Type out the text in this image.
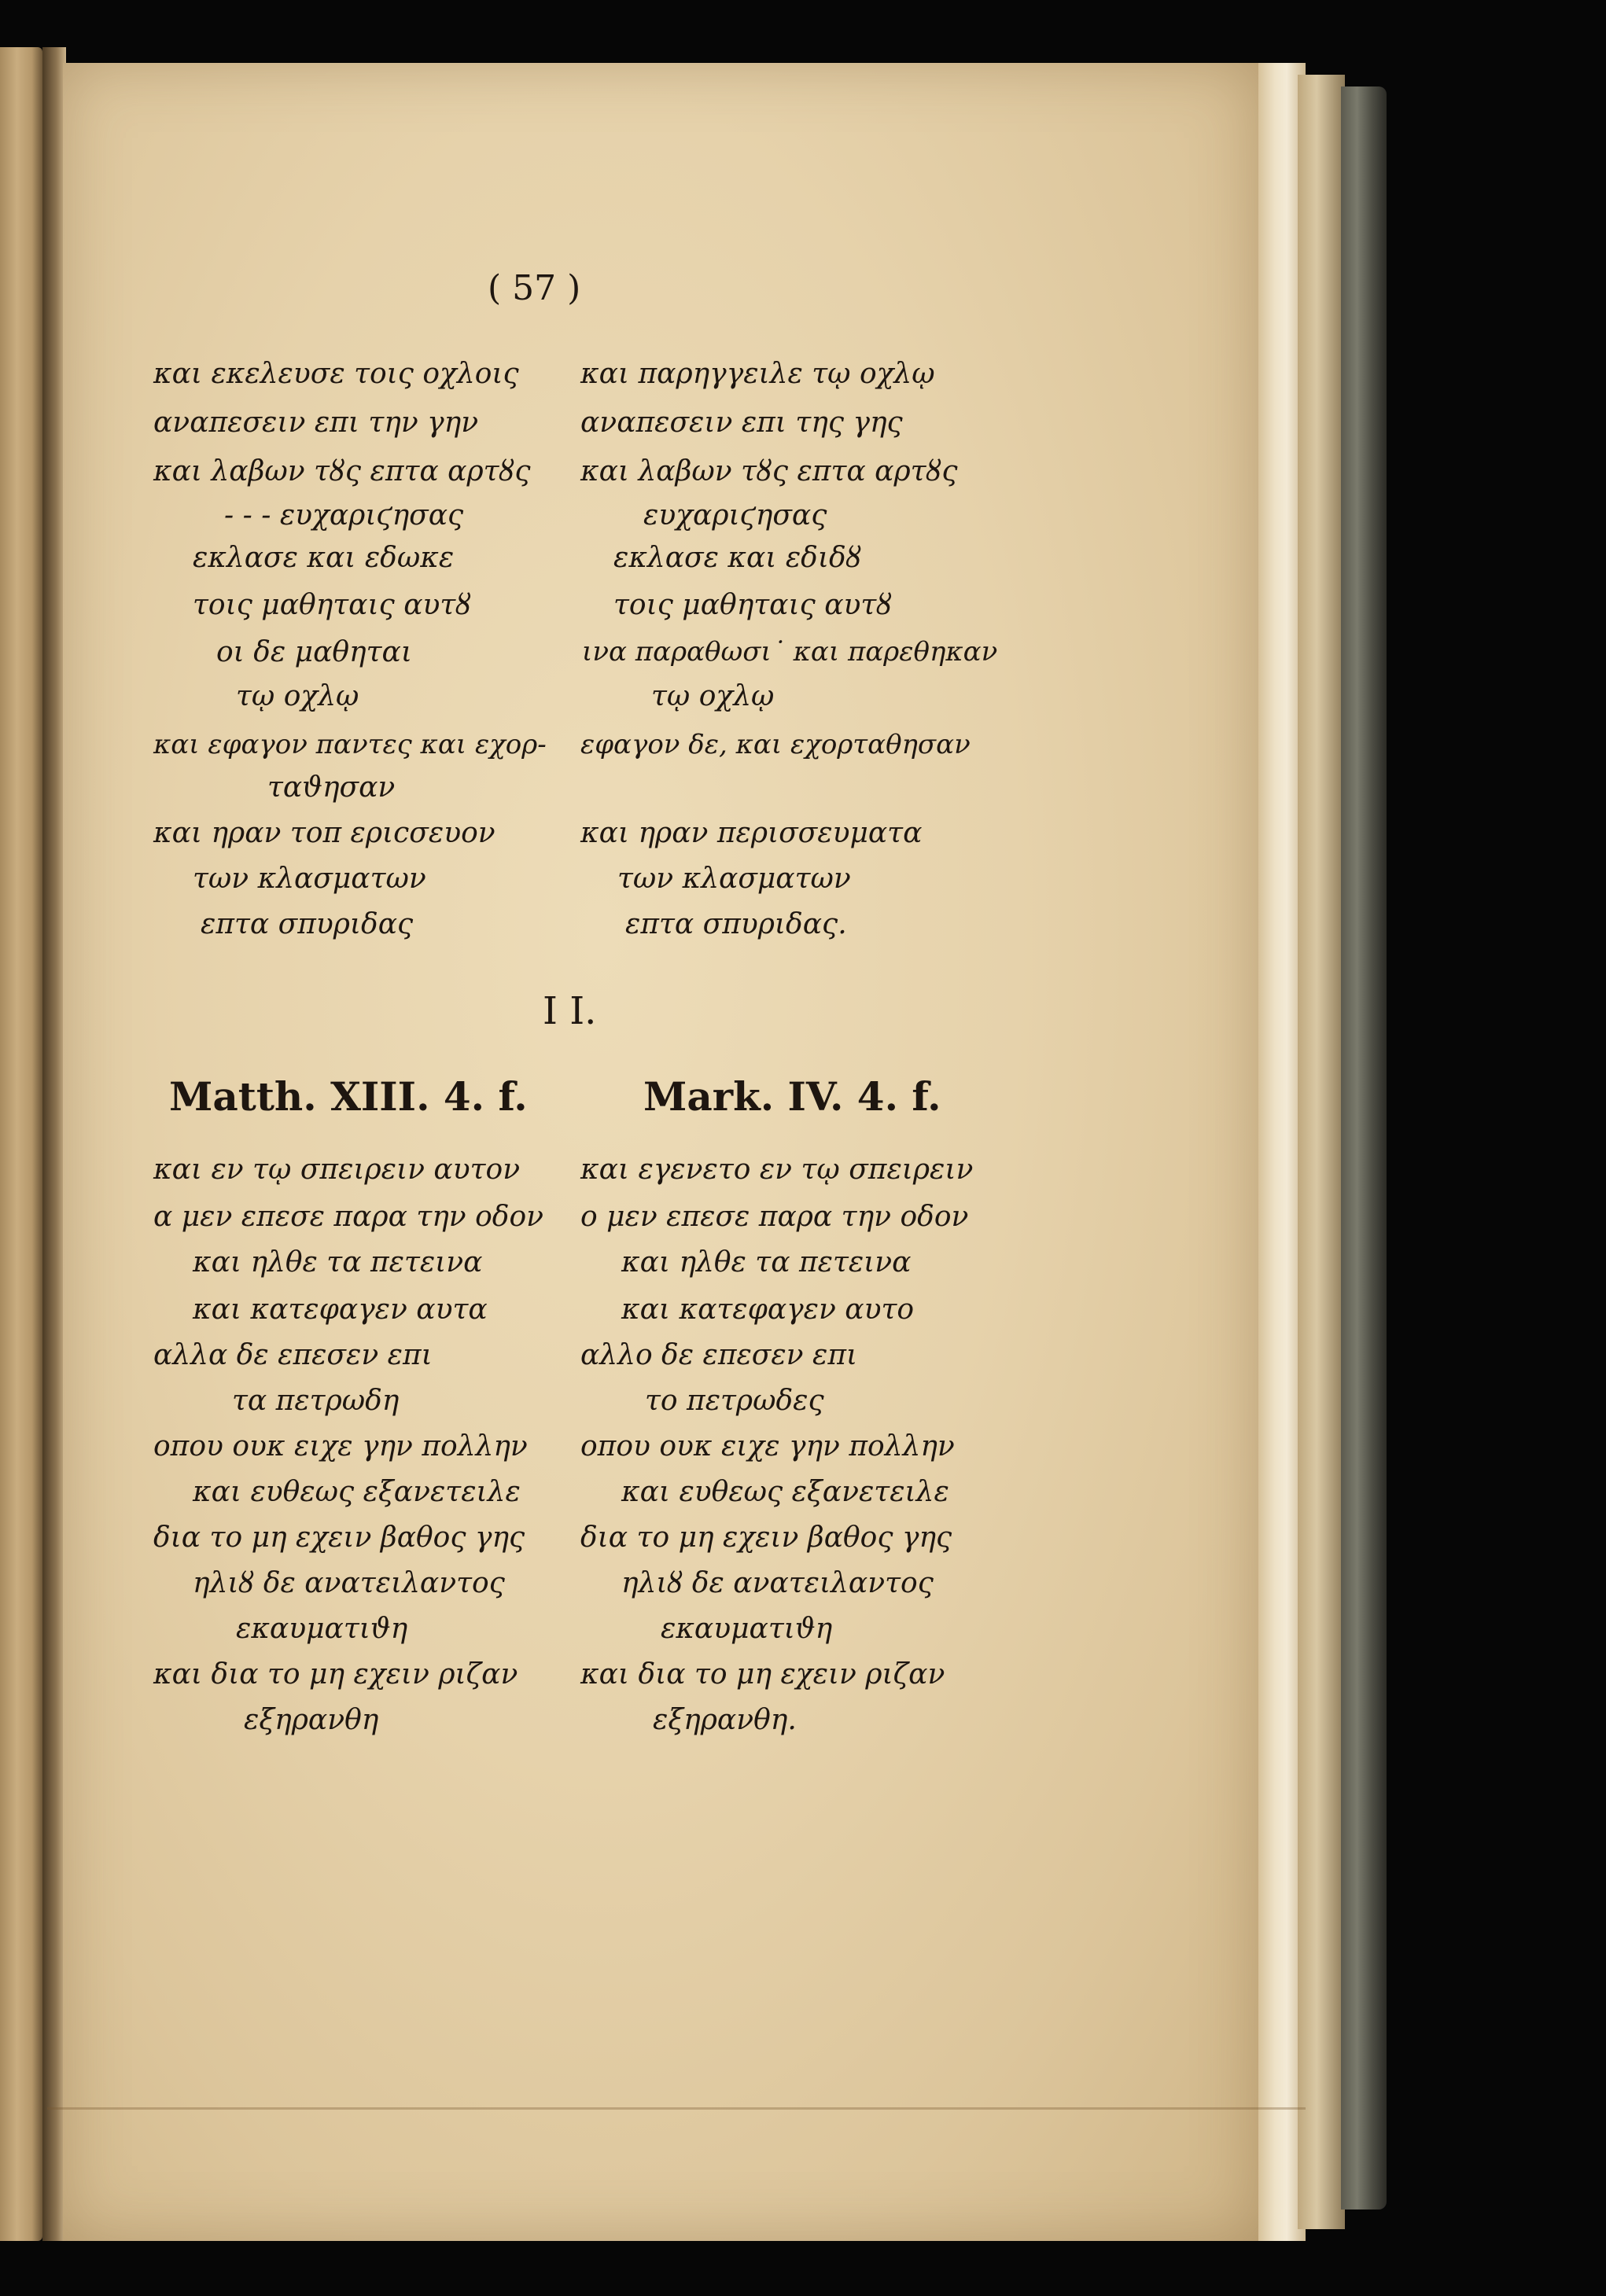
( 57 )
και εκελευσε τοις οχλοις
αναπεσειν επι την γην
και λαβων τȣς επτα αρτȣς
- - - ευχαριϛησας
εκλασε και εδωκε
τοις μαθηταις αυτȣ
οι δε μαθηται
τῳ οχλῳ
και εφαγον παντες και εχορ-
ταϑησαν
και ηραν τοπ εριϲσευον
των κλασματων
επτα σπυριδας
και παρηγγειλε τῳ οχλῳ
αναπεσειν επι της γης
και λαβων τȣς επτα αρτȣς
ευχαριϛησας
εκλασε και εδιδȣ
τοις μαθηταις αυτȣ
ινα παραθωσι˙ και παρεθηκαν
τῳ οχλῳ
εφαγον δε, και εχορταθησαν
και ηραν περισσευματα
των κλασματων
επτα σπυριδας.
I I.
Matth. XIII. 4. f.	Mark. IV. 4. f.
και εν τῳ σπειρειν αυτον
α μεν επεσε παρα την οδον
και ηλθε τα πετεινα
και κατεφαγεν αυτα
αλλα δε επεσεν επι
τα πετρωδη
οπου ουκ ειχε γην πολλην
και ευθεως εξανετειλε
δια το μη εχειν βαθος γης
ηλιȣ δε ανατειλαντος
εκαυματιϑη
και δια το μη εχειν ριζαν
εξηρανθη
και εγενετο εν τῳ σπειρειν
ο μεν επεσε παρα την οδον
και ηλθε τα πετεινα
και κατεφαγεν αυτο
αλλο δε επεσεν επι
το πετρωδες
οπου ουκ ειχε γην πολλην
και ευθεως εξανετειλε
δια το μη εχειν βαθος γης
ηλιȣ δε ανατειλαντος
εκαυματιϑη
και δια το μη εχειν ριζαν
εξηρανθη.
